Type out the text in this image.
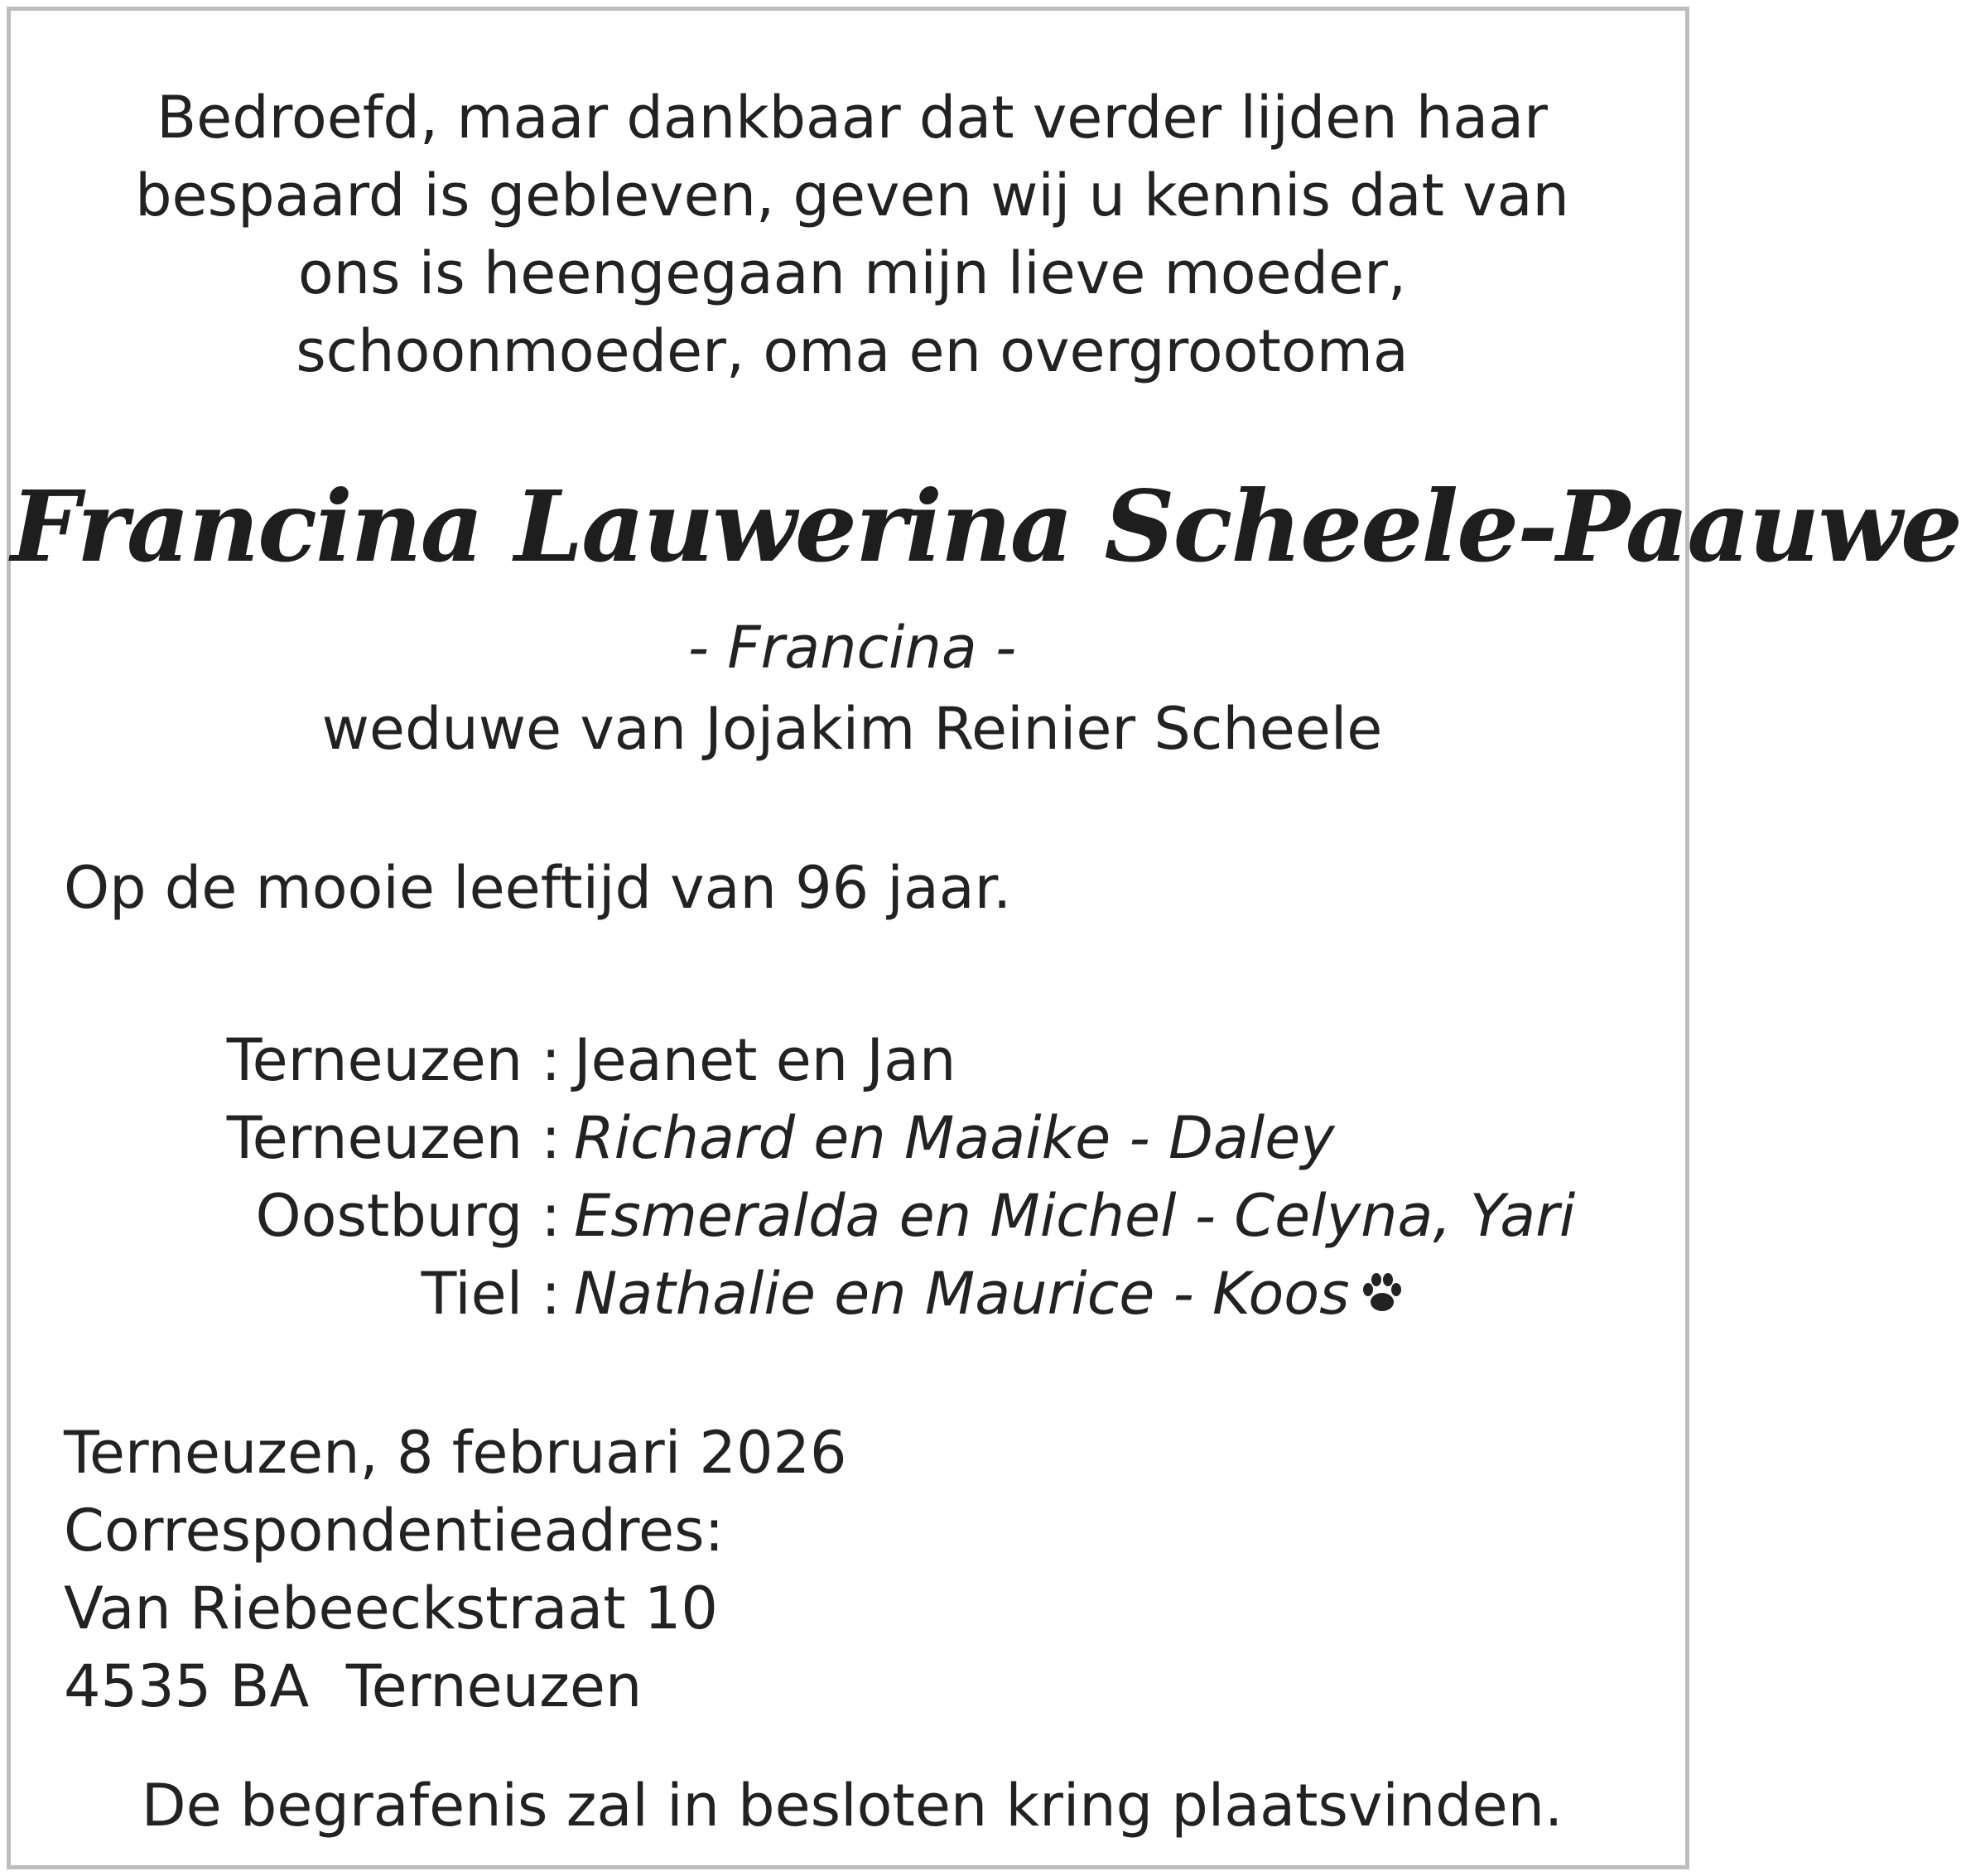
Bedroefd, maar dankbaar dat verder lijden haar
bespaard is gebleven, geven wij u kennis dat van
ons is heengegaan mijn lieve moeder,
schoonmoeder, oma en overgrootoma
Francina Lauwerina Scheele-Paauwe
- Francina -
weduwe van Jojakim Reinier Scheele
Op de mooie leeftijd van 96 jaar.
Terneuzen : Jeanet en Jan
Terneuzen : Richard en Maaike - Daley
Oostburg : Esmeralda en Michel - Celyna, Yari
Tiel : Nathalie en Maurice - Koos
Terneuzen, 8 februari 2026
Correspondentieadres:
Van Riebeeckstraat 10
4535 BA  Terneuzen
De begrafenis zal in besloten kring plaatsvinden.
